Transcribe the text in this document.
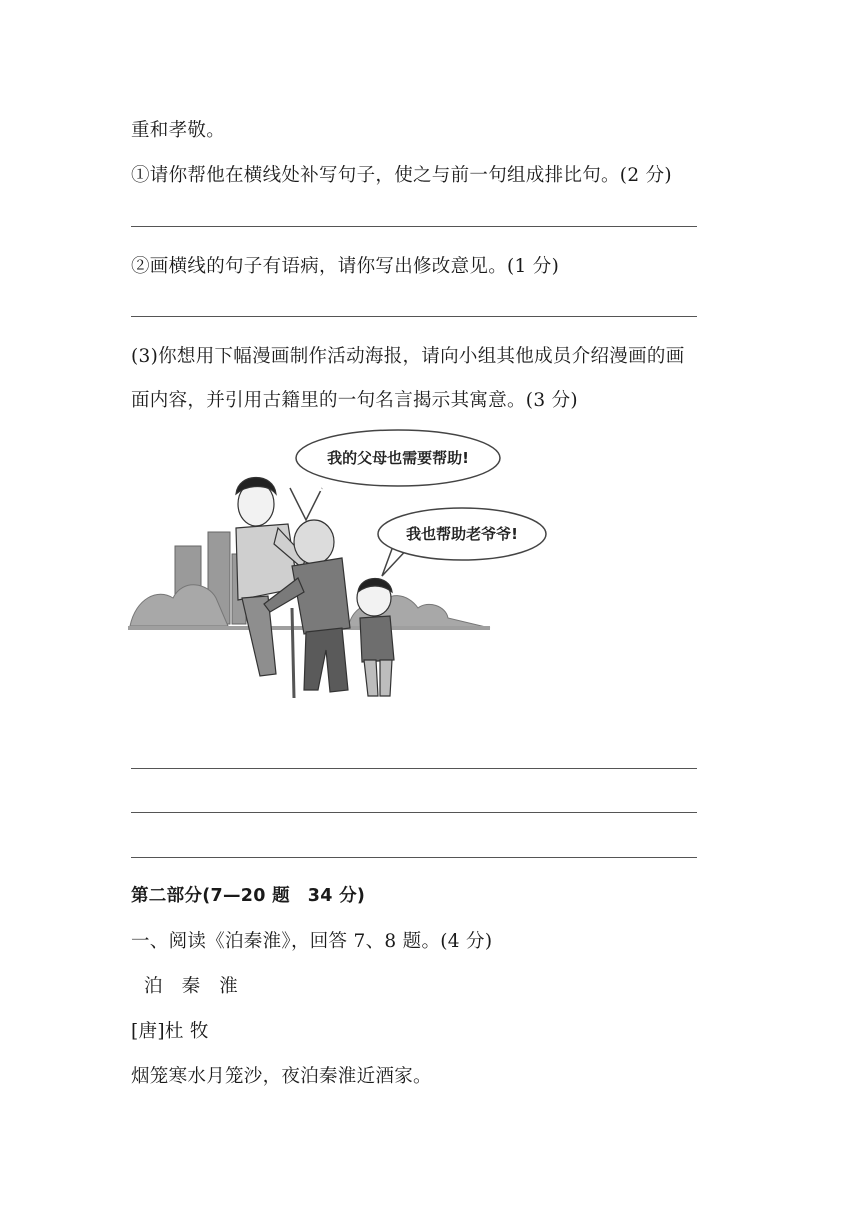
重和孝敬。
①请你帮他在横线处补写句子，使之与前一句组成排比句。(2 分)
②画横线的句子有语病，请你写出修改意见。(1 分)
(3)你想用下幅漫画制作活动海报，请向小组其他成员介绍漫画的画
面内容，并引用古籍里的一句名言揭示其寓意。(3 分)
我的父母也需要帮助!
我也帮助老爷爷!
第二部分(7—20 题　34 分)
一、阅读《泊秦淮》，回答 7、8 题。(4 分)
泊　秦　淮
[唐]杜 牧
烟笼寒水月笼沙，夜泊秦淮近酒家。
